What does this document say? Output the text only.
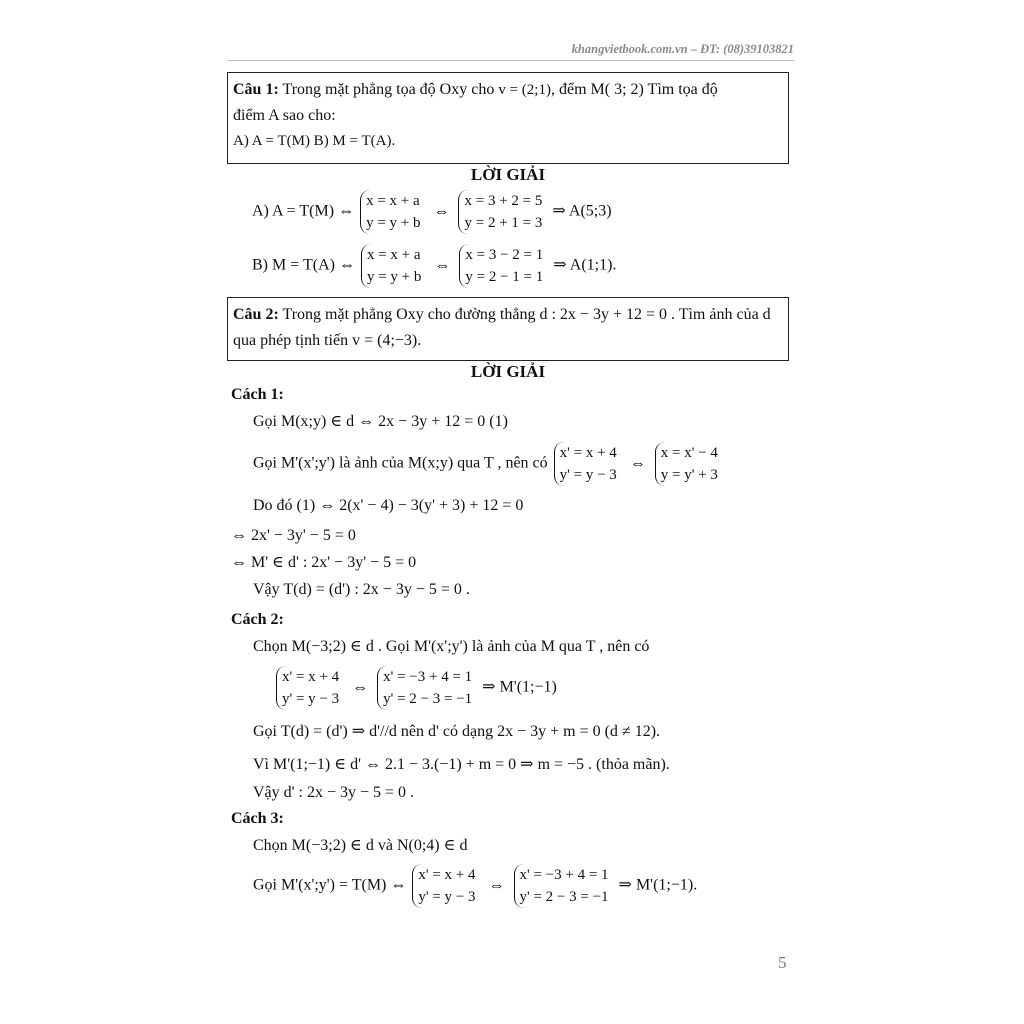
khangvietbook.com.vn – ĐT: (08)39103821
Câu 1: Trong mặt phẳng tọa độ Oxy cho v = (2;1), đểm M( 3; 2) Tìm tọa độ
điểm A sao cho:
A) A = T(M) B) M = T(A).
LỜI GIẢI
A) A = T(M) ⇔
x = x + a
y = y + b
⇔
x = 3 + 2 = 5
y = 2 + 1 = 3
⇒ A(5;3)
B) M = T(A) ⇔
x = x + a
y = y + b
⇔
x = 3 − 2 = 1
y = 2 − 1 = 1
⇒ A(1;1).
Câu 2: Trong mặt phẳng Oxy cho đường thẳng d : 2x − 3y + 12 = 0 . Tìm ảnh của d
qua phép tịnh tiến v = (4;−3).
LỜI GIẢI
Cách 1:
Gọi M(x;y) ∈ d ⇔ 2x − 3y + 12 = 0 (1)
Gọi M'(x';y') là ảnh của M(x;y) qua T , nên có
x' = x + 4
y' = y − 3
⇔
x = x' − 4
y = y' + 3
Do đó (1) ⇔ 2(x' − 4) − 3(y' + 3) + 12 = 0
⇔ 2x' − 3y' − 5 = 0
⇔ M' ∈ d' : 2x' − 3y' − 5 = 0
Vậy T(d) = (d') : 2x − 3y − 5 = 0 .
Cách 2:
Chọn M(−3;2) ∈ d . Gọi M'(x';y') là ảnh của M qua T , nên có
x' = x + 4
y' = y − 3
⇔
x' = −3 + 4 = 1
y' = 2 − 3 = −1
⇒ M'(1;−1)
Gọi T(d) = (d') ⇒ d'//d nên d' có dạng 2x − 3y + m = 0 (d ≠ 12).
Vì M'(1;−1) ∈ d' ⇔ 2.1 − 3.(−1) + m = 0 ⇒ m = −5 . (thỏa mãn).
Vậy d' : 2x − 3y − 5 = 0 .
Cách 3:
Chọn M(−3;2) ∈ d và N(0;4) ∈ d
Gọi M'(x';y') = T(M) ⇔
x' = x + 4
y' = y − 3
⇔
x' = −3 + 4 = 1
y' = 2 − 3 = −1
⇒ M'(1;−1).
5
